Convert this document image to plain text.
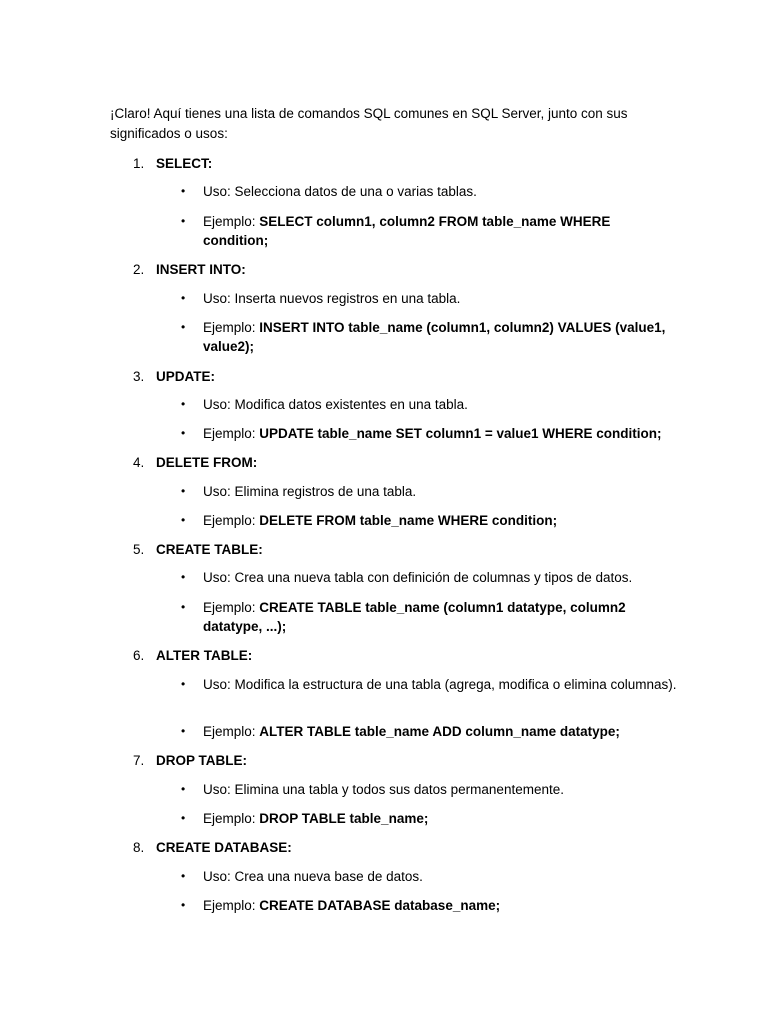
¡Claro! Aquí tienes una lista de comandos SQL comunes en SQL Server, junto con sus significados o usos:

1. SELECT:
• Uso: Selecciona datos de una o varias tablas.
• Ejemplo: SELECT column1, column2 FROM table_name WHERE condition;
2. INSERT INTO:
• Uso: Inserta nuevos registros en una tabla.
• Ejemplo: INSERT INTO table_name (column1, column2) VALUES (value1, value2);
3. UPDATE:
• Uso: Modifica datos existentes en una tabla.
• Ejemplo: UPDATE table_name SET column1 = value1 WHERE condition;
4. DELETE FROM:
• Uso: Elimina registros de una tabla.
• Ejemplo: DELETE FROM table_name WHERE condition;
5. CREATE TABLE:
• Uso: Crea una nueva tabla con definición de columnas y tipos de datos.
• Ejemplo: CREATE TABLE table_name (column1 datatype, column2 datatype, ...);
6. ALTER TABLE:
• Uso: Modifica la estructura de una tabla (agrega, modifica o elimina columnas).
• Ejemplo: ALTER TABLE table_name ADD column_name datatype;
7. DROP TABLE:
• Uso: Elimina una tabla y todos sus datos permanentemente.
• Ejemplo: DROP TABLE table_name;
8. CREATE DATABASE:
• Uso: Crea una nueva base de datos.
• Ejemplo: CREATE DATABASE database_name;
